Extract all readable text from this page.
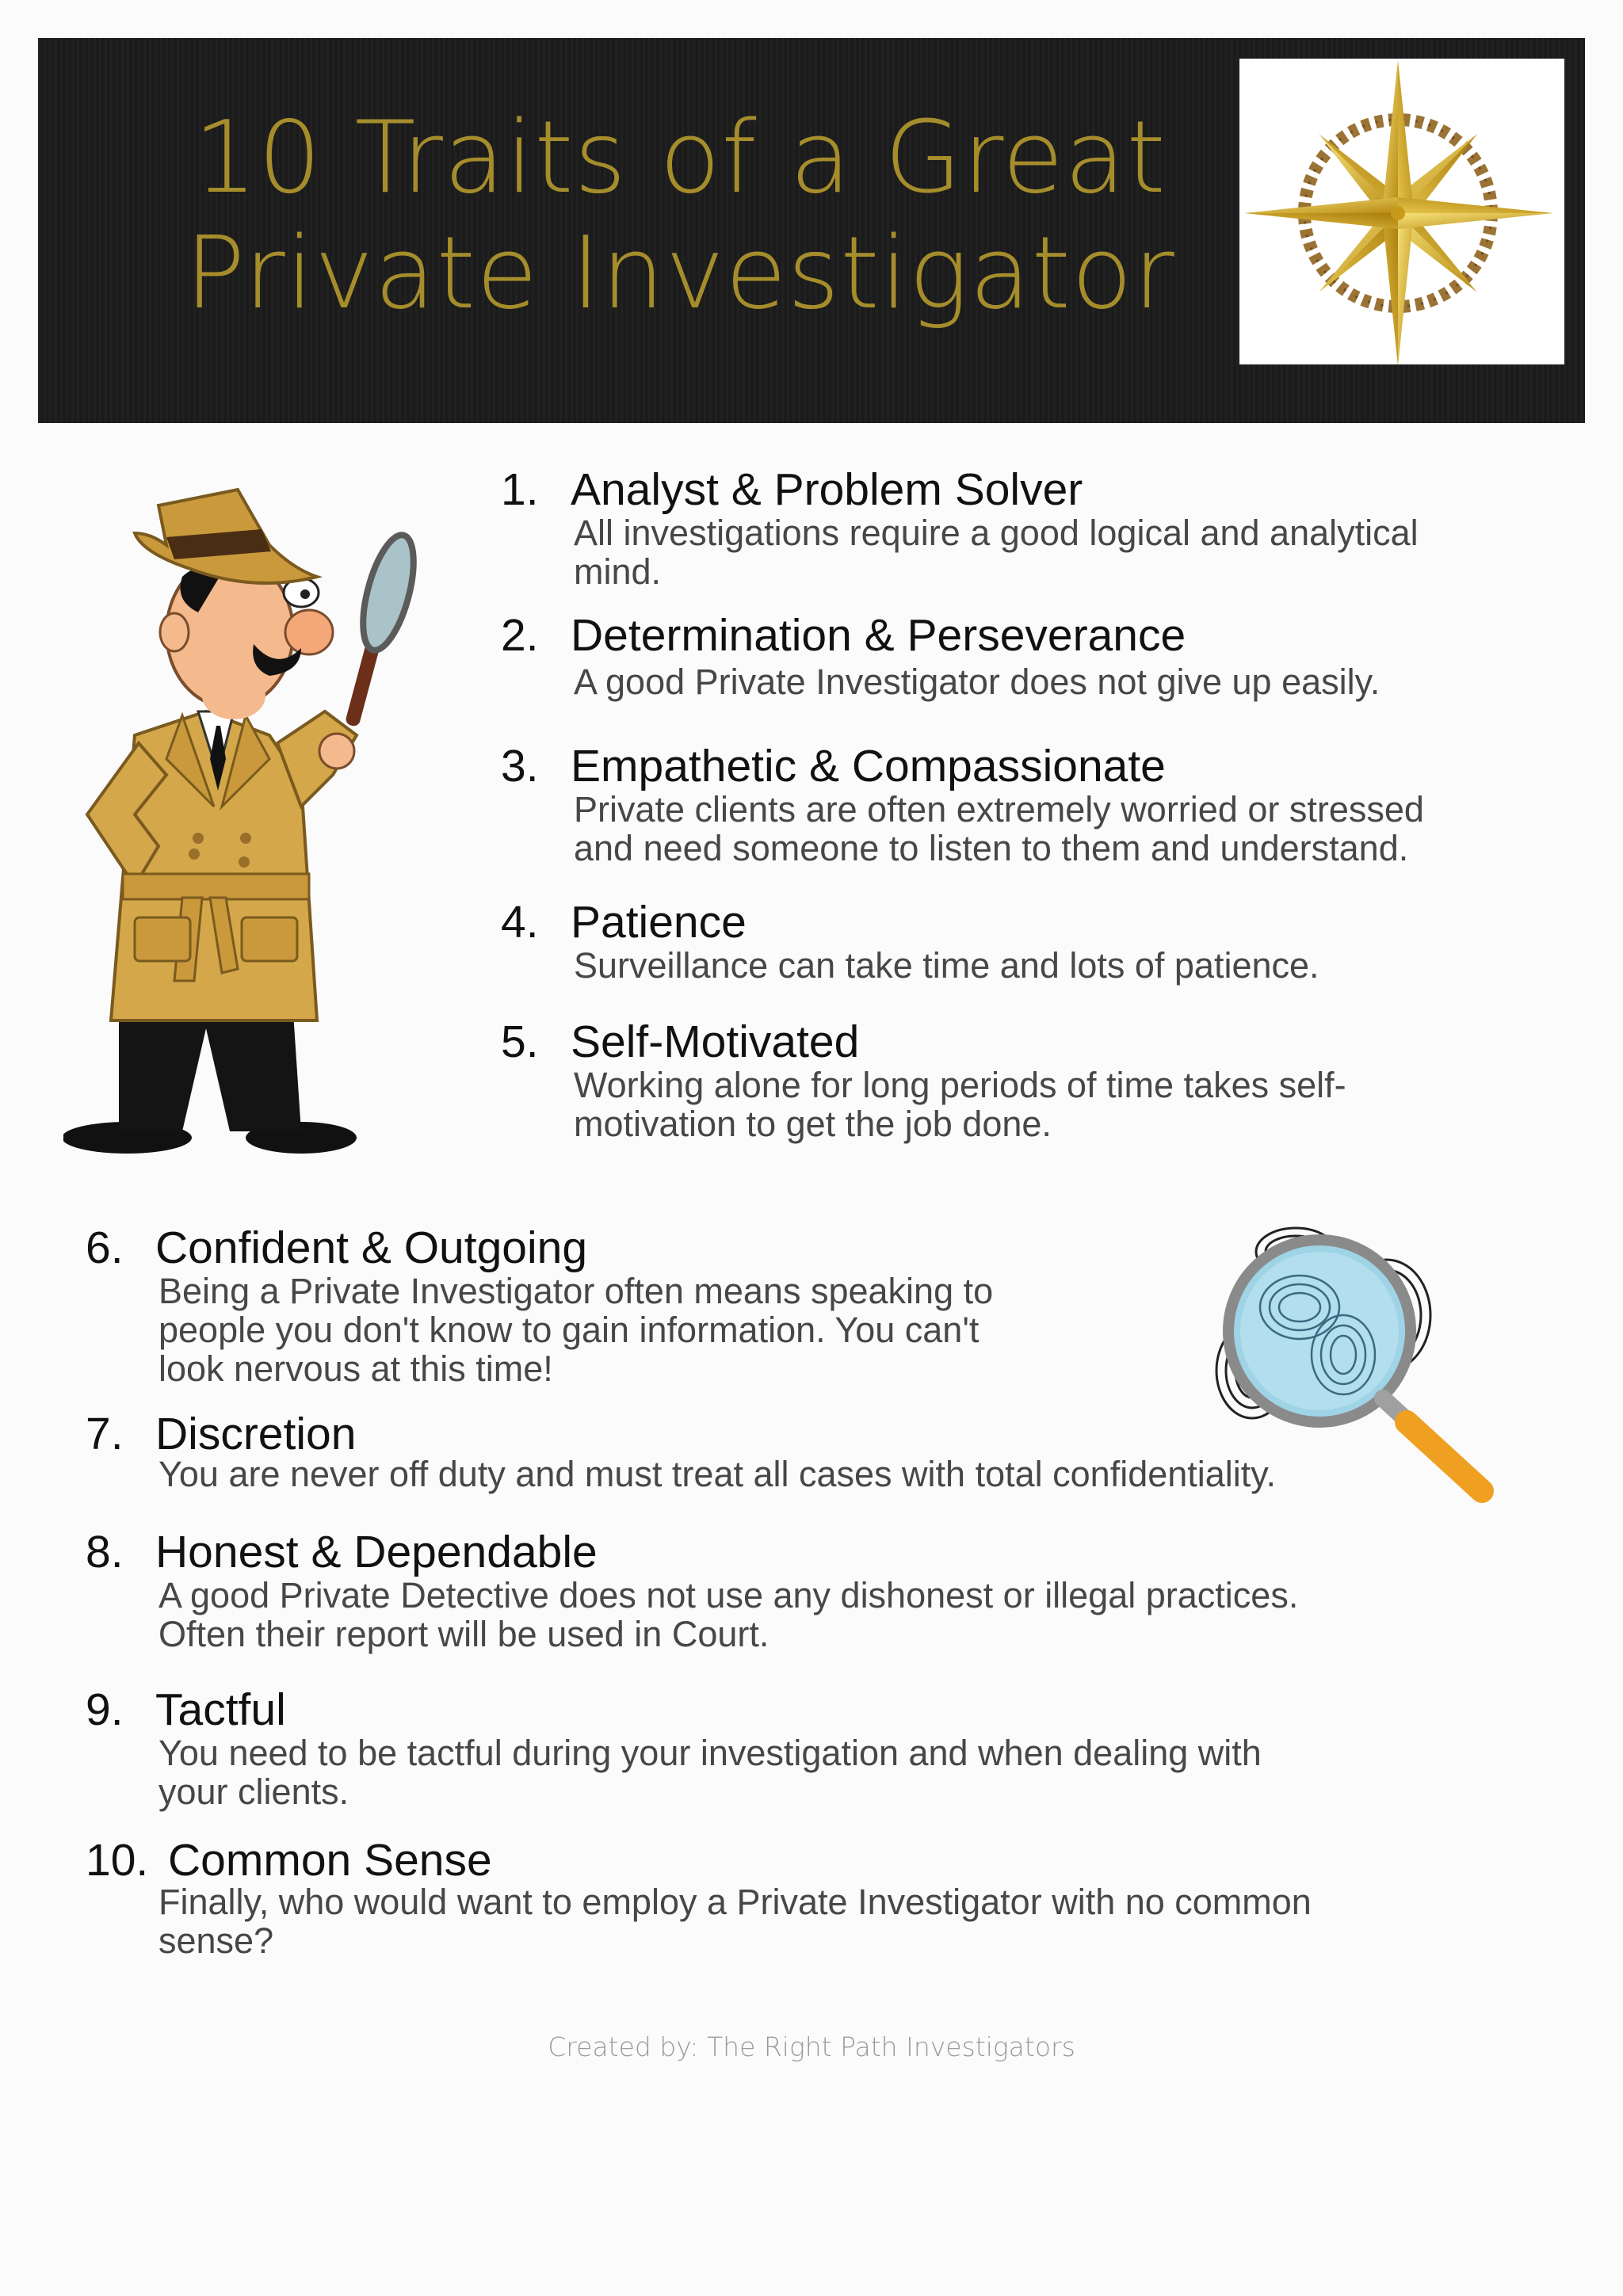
10 Traits of a Great
Private Investigator
1. Analyst & Problem Solver
All investigations require a good logical and analytical
mind.
2. Determination & Perseverance
A good Private Investigator does not give up easily.
3. Empathetic & Compassionate
Private clients are often extremely worried or stressed
and need someone to listen to them and understand.
4. Patience
Surveillance can take time and lots of patience.
5. Self-Motivated
Working alone for long periods of time takes self-
motivation to get the job done.
6. Confident & Outgoing
Being a Private Investigator often means speaking to
people you don't know to gain information. You can't
look nervous at this time!
7. Discretion
You are never off duty and must treat all cases with total confidentiality.
8. Honest & Dependable
A good Private Detective does not use any dishonest or illegal practices.
Often their report will be used in Court.
9. Tactful
You need to be tactful during your investigation and when dealing with
your clients.
10. Common Sense
Finally, who would want to employ a Private Investigator with no common
sense?
Created by: The Right Path Investigators
